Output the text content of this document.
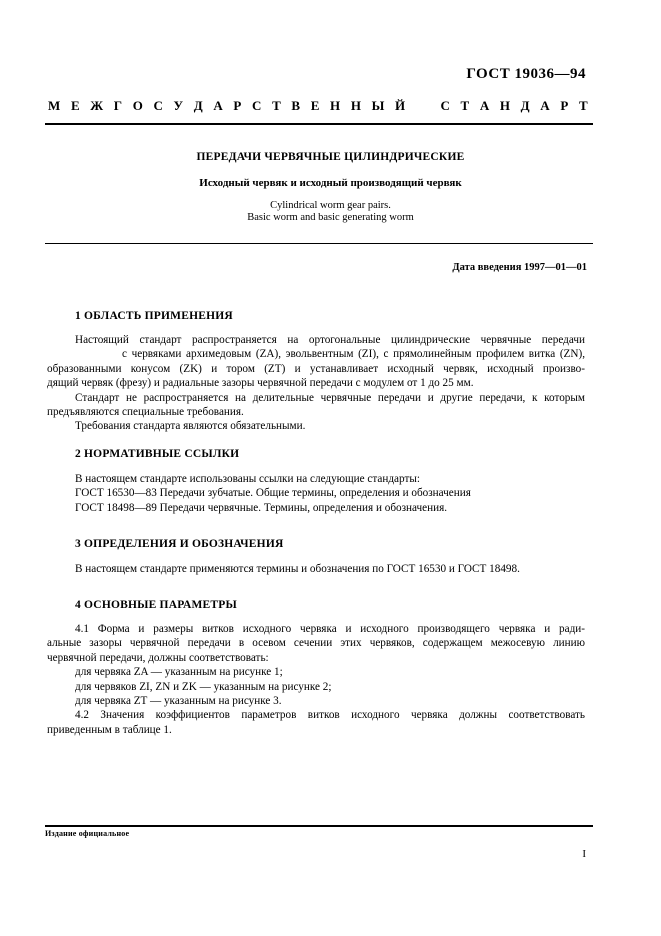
ГОСТ 19036—94
М Е Ж Г О С У Д А Р С Т В Е Н Н Ы Й	С Т А Н Д А Р Т
ПЕРЕДАЧИ ЧЕРВЯЧНЫЕ ЦИЛИНДРИЧЕСКИЕ
Исходный червяк и исходный производящий червяк
Cylindrical worm gear pairs.
Basic worm and basic generating worm
Дата введения 1997—01—01
1 ОБЛАСТЬ ПРИМЕНЕНИЯ
Настоящий стандарт распространяется на ортогональные цилиндрические червячные передачи
с червяками архимедовым (ZA), эвольвентным (ZI), с прямолинейным профилем витка (ZN),
образованными конусом (ZK) и тором (ZT) и устанавливает исходный червяк, исходный произво-
дящий червяк (фрезу) и радиальные зазоры червячной передачи с модулем от 1 до 25 мм.
Стандарт не распространяется на делительные червячные передачи и другие передачи, к которым
предъявляются специальные требования.
Требования стандарта являются обязательными.
2 НОРМАТИВНЫЕ ССЫЛКИ
В настоящем стандарте использованы ссылки на следующие стандарты:
ГОСТ 16530—83 Передачи зубчатые. Общие термины, определения и обозначения
ГОСТ 18498—89 Передачи червячные. Термины, определения и обозначения.
3 ОПРЕДЕЛЕНИЯ И ОБОЗНАЧЕНИЯ
В настоящем стандарте применяются термины и обозначения по ГОСТ 16530 и ГОСТ 18498.
4 ОСНОВНЫЕ ПАРАМЕТРЫ
4.1 Форма и размеры витков исходного червяка и исходного производящего червяка и ради-
альные зазоры червячной передачи в осевом сечении этих червяков, содержащем межосевую линию
червячной передачи, должны соответствовать:
для червяка ZA — указанным на рисунке 1;
для червяков ZI, ZN и ZK — указанным на рисунке 2;
для червяка ZT — указанным на рисунке 3.
4.2 Значения коэффициентов параметров витков исходного червяка должны соответствовать
приведенным в таблице 1.
Издание официальное
I
